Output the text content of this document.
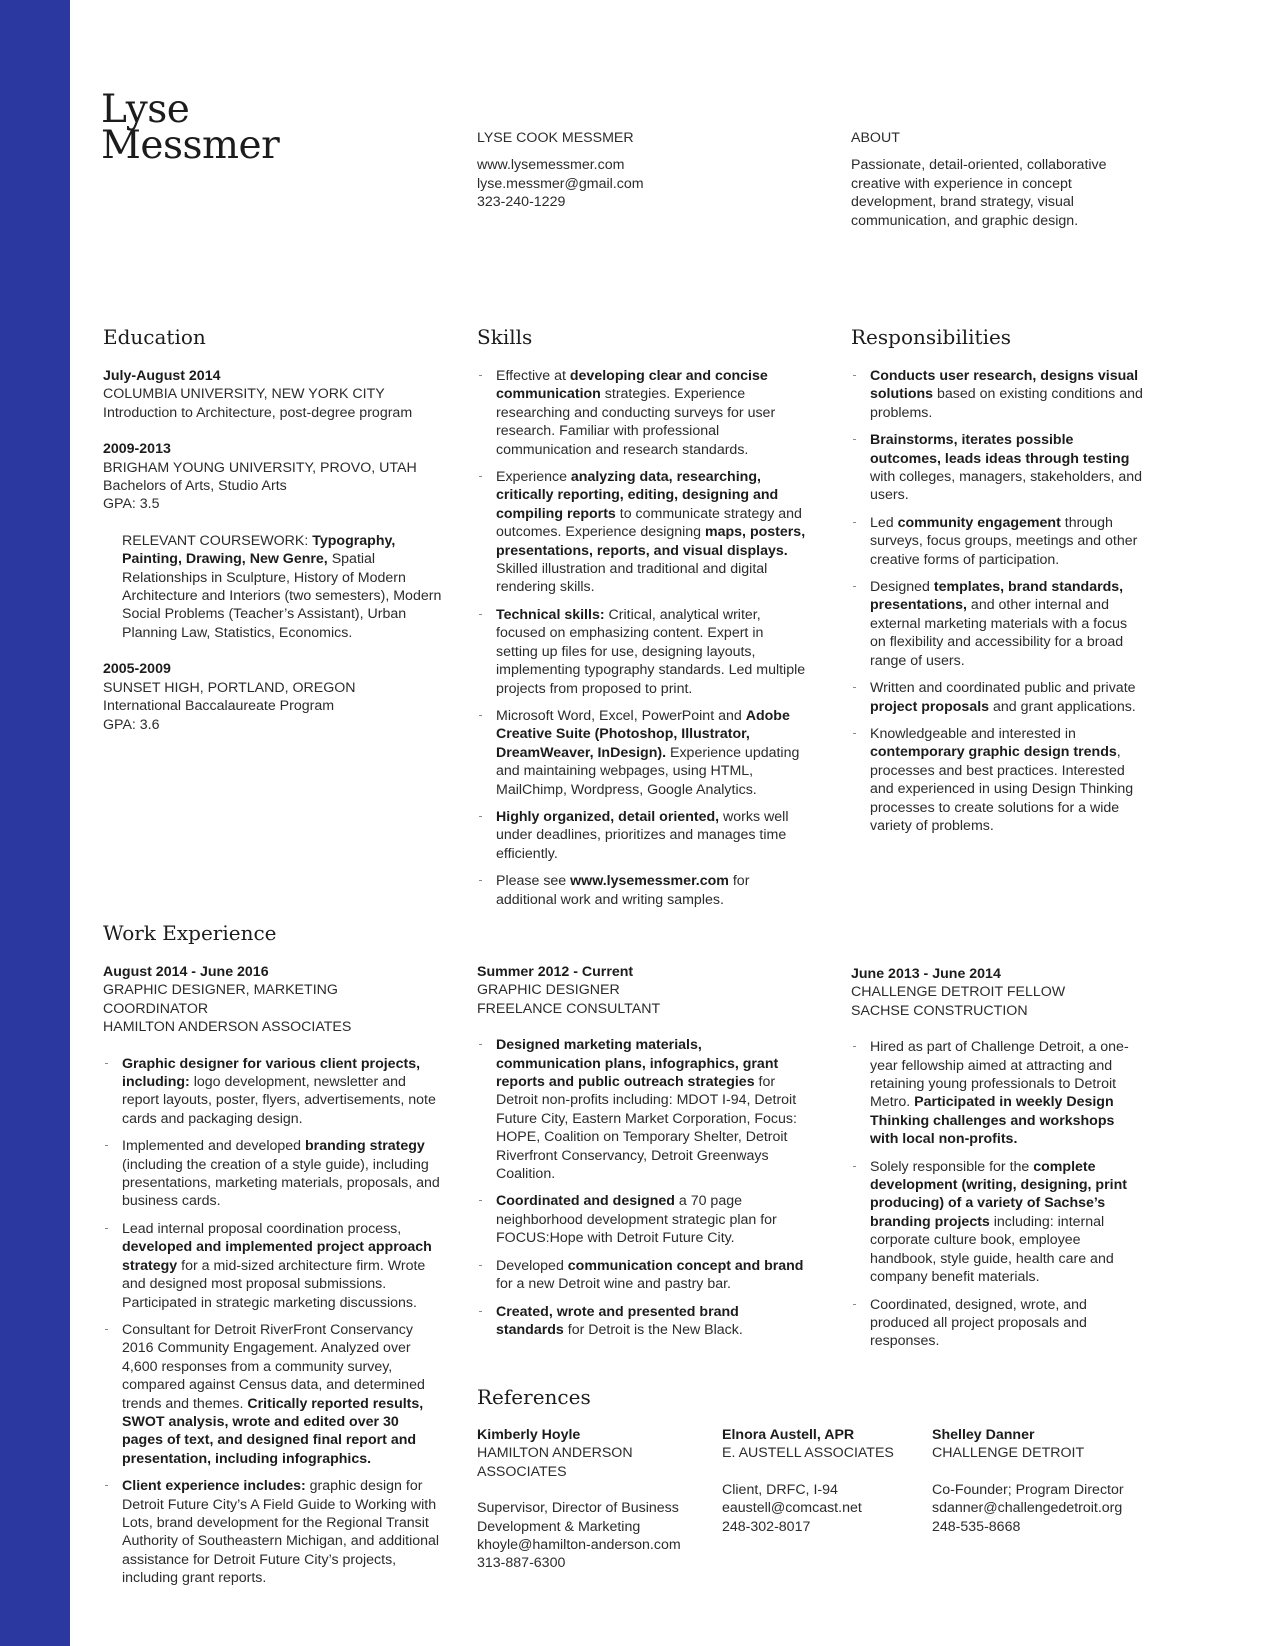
Lyse
Messmer	LYSE COOK MESSMER
www.lysemessmer.com
lyse.messmer@gmail.com
323-240-1229
ABOUT
Passionate, detail-oriented, collaborative creative with experience in concept development, brand strategy, visual communication, and graphic design.
Education
July-August 2014
COLUMBIA UNIVERSITY, NEW YORK CITY
Introduction to Architecture, post-degree program
2009-2013
BRIGHAM YOUNG UNIVERSITY, PROVO, UTAH
Bachelors of Arts, Studio Arts
GPA: 3.5
RELEVANT COURSEWORK: Typography, Painting, Drawing, New Genre, Spatial Relationships in Sculpture, History of Modern Architecture and Interiors (two semesters), Modern Social Problems (Teacher’s Assistant), Urban Planning Law, Statistics, Economics.
2005-2009
SUNSET HIGH, PORTLAND, OREGON
International Baccalaureate Program
GPA: 3.6
Skills
Effective at developing clear and concise communication strategies. Experience researching and conducting surveys for user research. Familiar with professional communication and research standards.
Experience analyzing data, researching, critically reporting, editing, designing and compiling reports to communicate strategy and outcomes. Experience designing maps, posters, presentations, reports, and visual displays. Skilled illustration and traditional and digital rendering skills.
Technical skills: Critical, analytical writer, focused on emphasizing content. Expert in setting up files for use, designing layouts, implementing typography standards. Led multiple projects from proposed to print.
Microsoft Word, Excel, PowerPoint and Adobe Creative Suite (Photoshop, Illustrator, DreamWeaver, InDesign). Experience updating and maintaining webpages, using HTML, MailChimp, Wordpress, Google Analytics.
Highly organized, detail oriented, works well under deadlines, prioritizes and manages time efficiently.
Please see www.lysemessmer.com for additional work and writing samples.
Responsibilities
Conducts user research, designs visual solutions based on existing conditions and problems.
Brainstorms, iterates possible outcomes, leads ideas through testing with colleges, managers, stakeholders, and users.
Led community engagement through surveys, focus groups, meetings and other creative forms of participation.
Designed templates, brand standards, presentations, and other internal and external marketing materials with a focus on flexibility and accessibility for a broad range of users.
Written and coordinated public and private project proposals and grant applications.
Knowledgeable and interested in contemporary graphic design trends, processes and best practices. Interested and experienced in using Design Thinking processes to create solutions for a wide variety of problems.
Work Experience
August 2014 - June 2016
GRAPHIC DESIGNER, MARKETING COORDINATOR
HAMILTON ANDERSON ASSOCIATES
Graphic designer for various client projects, including: logo development, newsletter and report layouts, poster, flyers, advertisements, note cards and packaging design.
Implemented and developed branding strategy (including the creation of a style guide), including presentations, marketing materials, proposals, and business cards.
Lead internal proposal coordination process, developed and implemented project approach strategy for a mid-sized architecture firm. Wrote and designed most proposal submissions. Participated in strategic marketing discussions.
Consultant for Detroit RiverFront Conservancy 2016 Community Engagement. Analyzed over 4,600 responses from a community survey, compared against Census data, and determined trends and themes. Critically reported results, SWOT analysis, wrote and edited over 30 pages of text, and designed final report and presentation, including infographics.
Client experience includes: graphic design for Detroit Future City’s A Field Guide to Working with Lots, brand development for the Regional Transit Authority of Southeastern Michigan, and additional assistance for Detroit Future City’s projects, including grant reports.
Summer 2012 - Current
GRAPHIC DESIGNER
FREELANCE CONSULTANT
Designed marketing materials, communication plans, infographics, grant reports and public outreach strategies for Detroit non-profits including: MDOT I-94, Detroit Future City, Eastern Market Corporation, Focus: HOPE, Coalition on Temporary Shelter, Detroit Riverfront Conservancy, Detroit Greenways Coalition.
Coordinated and designed a 70 page neighborhood development strategic plan for FOCUS:Hope with Detroit Future City.
Developed communication concept and brand for a new Detroit wine and pastry bar.
Created, wrote and presented brand standards for Detroit is the New Black.
June 2013 - June 2014
CHALLENGE DETROIT FELLOW
SACHSE CONSTRUCTION
Hired as part of Challenge Detroit, a one-year fellowship aimed at attracting and retaining young professionals to Detroit Metro. Participated in weekly Design Thinking challenges and workshops with local non-profits.
Solely responsible for the complete development (writing, designing, print producing) of a variety of Sachse’s branding projects including: internal corporate culture book, employee handbook, style guide, health care and company benefit materials.
Coordinated, designed, wrote, and produced all project proposals and responses.
References
Kimberly Hoyle
HAMILTON ANDERSON ASSOCIATES
Supervisor, Director of Business Development & Marketing
khoyle@hamilton-anderson.com
313-887-6300
Elnora Austell, APR
E. AUSTELL ASSOCIATES
Client, DRFC, I-94
eaustell@comcast.net
248-302-8017
Shelley Danner
CHALLENGE DETROIT
Co-Founder; Program Director
sdanner@challengedetroit.org
248-535-8668
